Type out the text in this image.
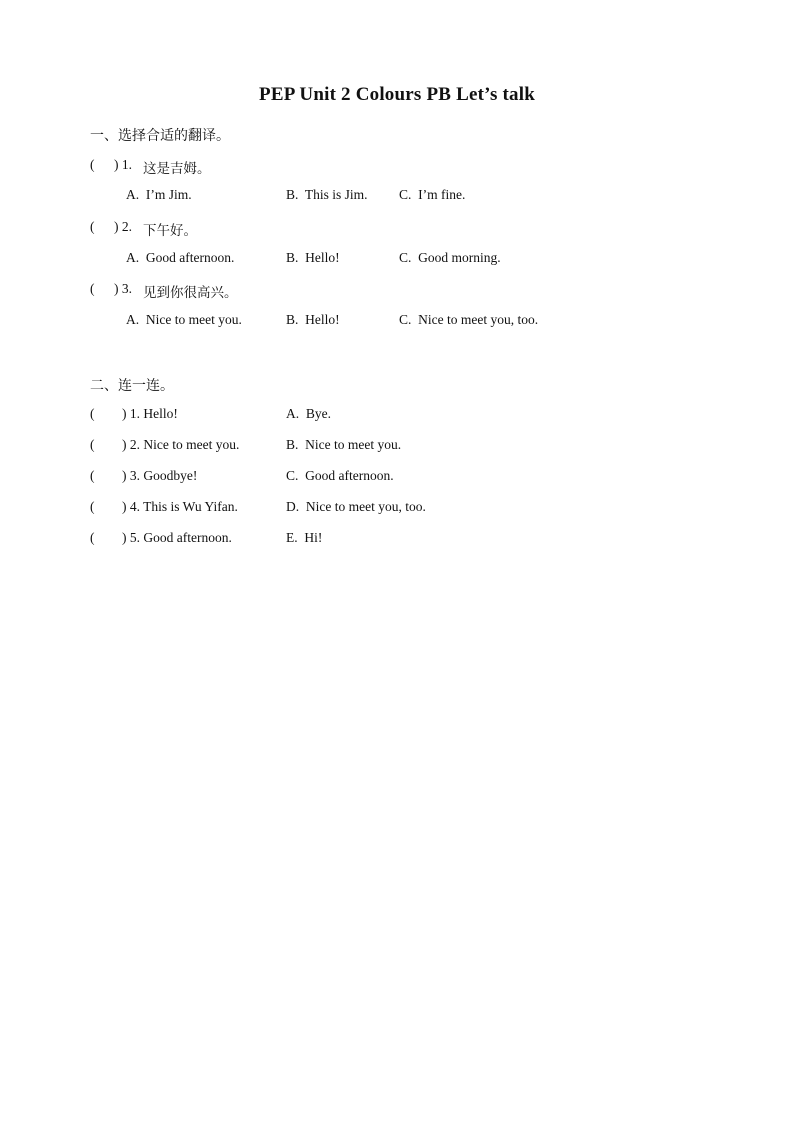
PEP Unit 2 Colours PB Let’s talk
一、选择合适的翻译。
( ) 1. 这是吉姆。
A.  I’m Jim.	B.  This is Jim. C.  I’m fine.
( ) 2. 下午好。
A.  Good afternoon.	B.  Hello!	C.  Good morning.
( ) 3. 见到你很高兴。
A.  Nice to meet you.	B.  Hello!	C.  Nice to meet you, too.
二、连一连。
( ) 1. Hello!	A.  Bye.
( ) 2. Nice to meet you.	B.  Nice to meet you.
( ) 3. Goodbye!	C.  Good afternoon.
( ) 4. This is Wu Yifan.	D.  Nice to meet you, too.
( ) 5. Good afternoon.	E.  Hi!
